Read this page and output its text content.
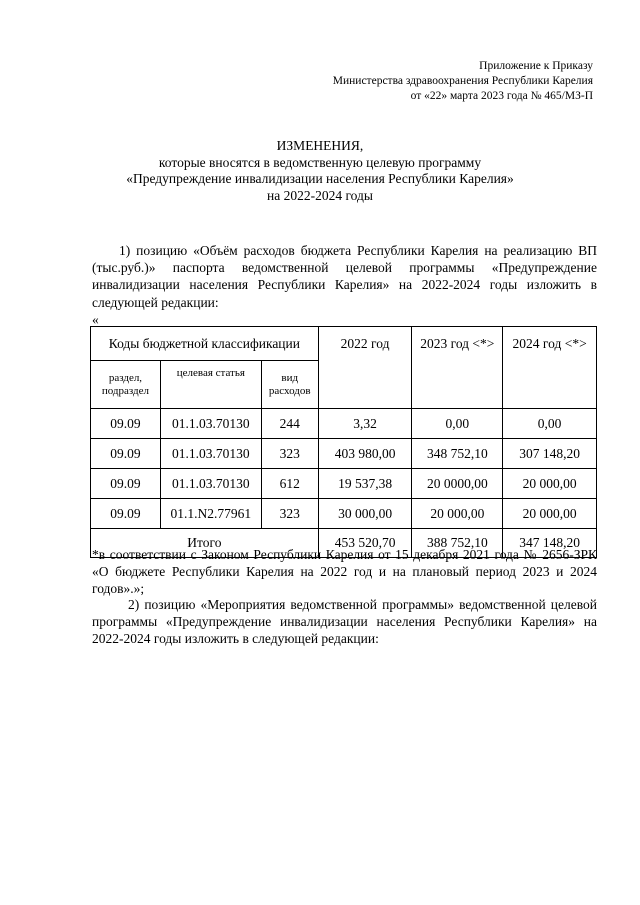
Приложение к Приказу
Министерства здравоохранения Республики Карелия
от «22» марта 2023 года № 465/МЗ-П
ИЗМЕНЕНИЯ,
которые вносятся в ведомственную целевую программу
«Предупреждение инвалидизации населения Республики Карелия»
на 2022-2024 годы
1) позицию «Объём расходов бюджета Республики Карелия на реализацию ВП (тыс.руб.)» паспорта ведомственной целевой программы «Предупреждение инвалидизации населения Республики Карелия» на 2022-2024 годы изложить в следующей редакции:
«
Коды бюджетной классификации			2022 год	2023 год <*>	2024 год <*>
раздел, подраздел	целевая статья	вид расходов			
09.09	01.1.03.70130	244	3,32	0,00	0,00
09.09	01.1.03.70130	323	403 980,00	348 752,10	307 148,20
09.09	01.1.03.70130	612	19 537,38	20 0000,00	20 000,00
09.09	01.1.N2.77961	323	30 000,00	20 000,00	20 000,00
Итого			453 520,70	388 752,10	347 148,20
*в соответствии с Законом Республики Карелия от 15 декабря 2021 года № 2656-ЗРК «О бюджете Республики Карелия на 2022 год и на плановый период 2023 и 2024 годов».»;
2) позицию «Мероприятия ведомственной программы» ведомственной целевой программы «Предупреждение инвалидизации населения Республики Карелия» на 2022-2024 годы изложить в следующей редакции:
